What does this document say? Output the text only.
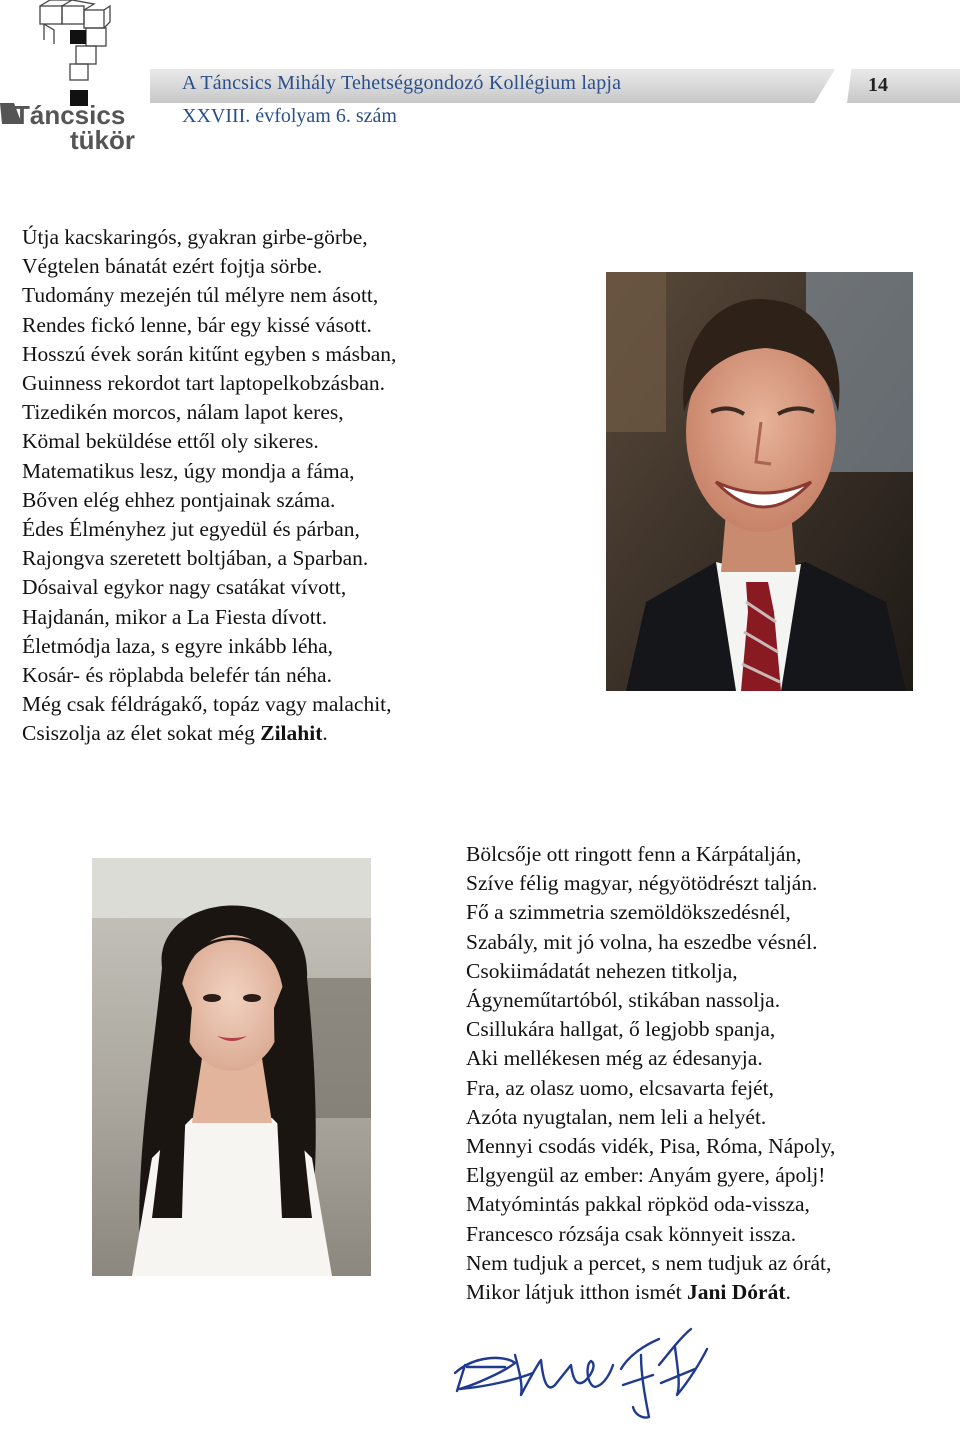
Táncsics
tükör
A Táncsics Mihály Tehetséggondozó Kollégium lapja
XXVIII. évfolyam 6. szám
14
Útja kacskaringós, gyakran girbe-görbe,
Végtelen bánatát ezért fojtja sörbe.
Tudomány mezején túl mélyre nem ásott,
Rendes fickó lenne, bár egy kissé vásott.
Hosszú évek során kitűnt egyben s másban,
Guinness rekordot tart laptopelkobzásban.
Tizedikén morcos, nálam lapot keres,
Kömal beküldése ettől oly sikeres.
Matematikus lesz, úgy mondja a fáma,
Bőven elég ehhez pontjainak száma.
Édes Élményhez jut egyedül és párban,
Rajongva szeretett boltjában, a Sparban.
Dósaival egykor nagy csatákat vívott,
Hajdanán, mikor a La Fiesta dívott.
Életmódja laza, s egyre inkább léha,
Kosár- és röplabda belefér tán néha.
Még csak féldrágakő, topáz vagy malachit,
Csiszolja az élet sokat még Zilahit.
Bölcsője ott ringott fenn a Kárpátalján,
Szíve félig magyar, négyötödrészt talján.
Fő a szimmetria szemöldökszedésnél,
Szabály, mit jó volna, ha eszedbe vésnél.
Csokiimádatát nehezen titkolja,
Ágyneműtartóból, stikában nassolja.
Csillukára hallgat, ő legjobb spanja,
Aki mellékesen még az édesanyja.
Fra, az olasz uomo, elcsavarta fejét,
Azóta nyugtalan, nem leli a helyét.
Mennyi csodás vidék, Pisa, Róma, Nápoly,
Elgyengül az ember: Anyám gyere, ápolj!
Matyómintás pakkal röpköd oda-vissza,
Francesco rózsája csak könnyeit issza.
Nem tudjuk a percet, s nem tudjuk az órát,
Mikor látjuk itthon ismét Jani Dórát.
